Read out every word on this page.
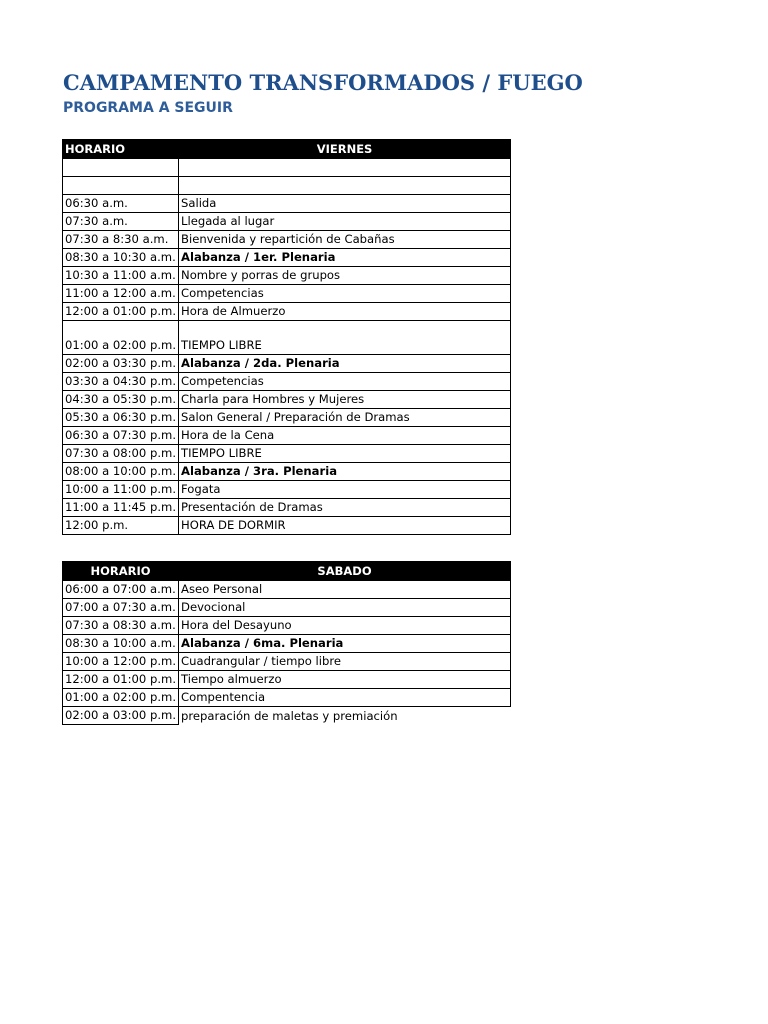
CAMPAMENTO TRANSFORMADOS / FUEGO
PROGRAMA A SEGUIR
HORARIO	VIERNES

06:30 a.m.	Salida
07:30 a.m.	Llegada al lugar
07:30 a 8:30 a.m.	Bienvenida y repartición de Cabañas
08:30 a 10:30 a.m.	Alabanza / 1er. Plenaria
10:30 a 11:00 a.m.	Nombre y porras de grupos
11:00 a 12:00 a.m.	Competencias
12:00 a 01:00 p.m.	Hora de Almuerzo
01:00 a 02:00 p.m.	TIEMPO LIBRE
02:00 a 03:30 p.m.	Alabanza / 2da. Plenaria
03:30 a 04:30 p.m.	Competencias
04:30 a 05:30 p.m.	Charla para Hombres y Mujeres
05:30 a 06:30 p.m.	Salon General / Preparación de Dramas
06:30 a 07:30 p.m.	Hora de la Cena
07:30 a 08:00 p.m.	TIEMPO LIBRE
08:00 a 10:00 p.m.	Alabanza / 3ra. Plenaria
10:00 a 11:00 p.m.	Fogata
11:00 a 11:45 p.m.	Presentación de Dramas
12:00 p.m.	HORA DE DORMIR
HORARIO	SABADO
06:00 a 07:00 a.m.	Aseo Personal
07:00 a 07:30 a.m.	Devocional
07:30 a 08:30 a.m.	Hora del Desayuno
08:30 a 10:00 a.m.	Alabanza / 6ma. Plenaria
10:00 a 12:00 p.m.	Cuadrangular / tiempo libre
12:00 a 01:00 p.m.	Tiempo almuerzo
01:00 a 02:00 p.m.	Compentencia
02:00 a 03:00 p.m.	preparación de maletas y premiación
